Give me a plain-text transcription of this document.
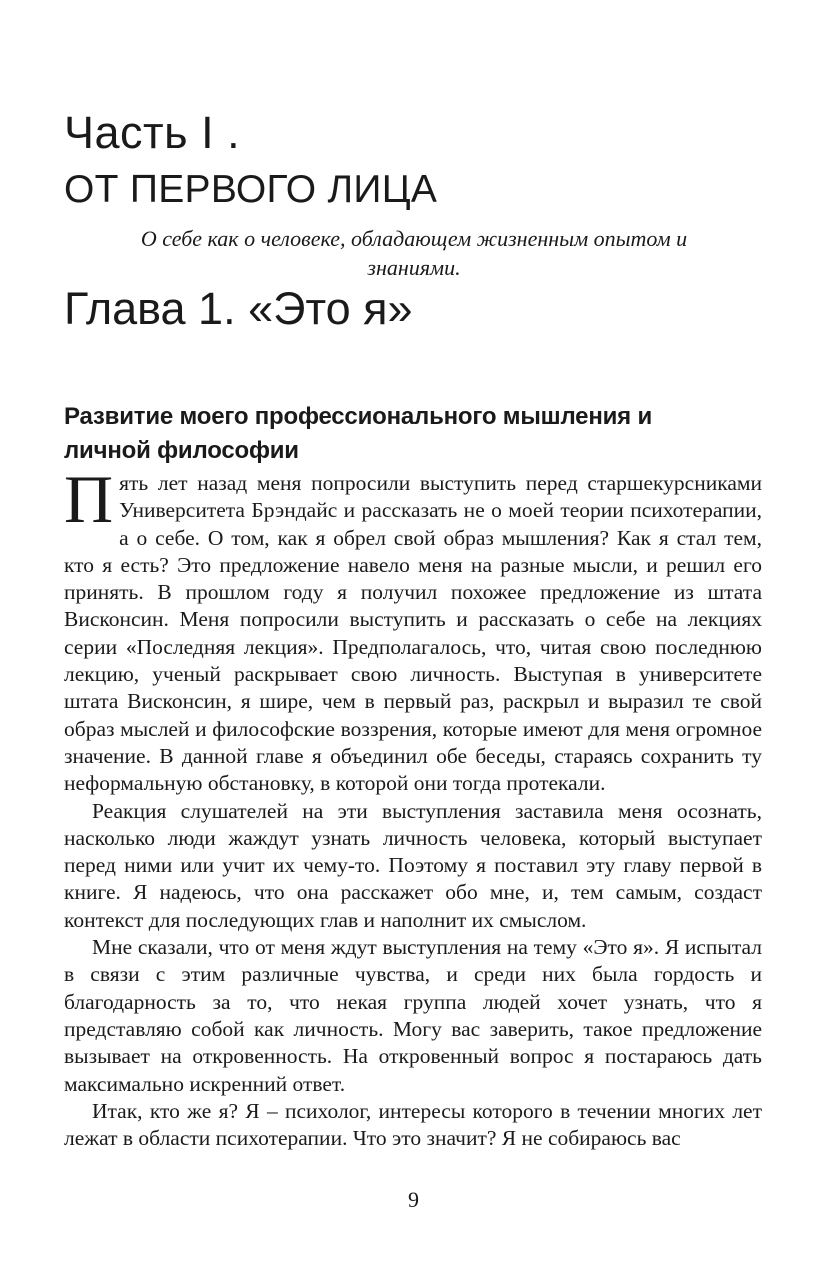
Часть I .
ОТ ПЕРВОГО ЛИЦА
О себе как о человеке, обладающем жизненным опытом и
знаниями.
Глава 1. «Это я»
Развитие моего профессионального мышления и
личной философии

Пять лет назад меня попросили выступить перед старшекурсниками Университета Брэндайс и рассказать не о моей теории психотерапии, а о себе. О том, как я обрел свой образ мышления? Как я стал тем, кто я есть? Это предложение навело меня на разные мысли, и решил его принять. В прошлом году я получил похожее предложение из штата Висконсин. Меня попросили выступить и рассказать о себе на лекциях серии «Последняя лекция». Предполагалось, что, читая свою последнюю лекцию, ученый раскрывает свою личность. Выступая в университете штата Висконсин, я шире, чем в первый раз, раскрыл и выразил те свой образ мыслей и философские воззрения, которые имеют для меня огромное значение. В данной главе я объединил обе беседы, стараясь сохранить ту неформальную обстановку, в которой они тогда протекали.

Реакция слушателей на эти выступления заставила меня осознать, насколько люди жаждут узнать личность человека, который выступает перед ними или учит их чему-то. Поэтому я поставил эту главу первой в книге. Я надеюсь, что она расскажет обо мне, и, тем самым, создаст контекст для последующих глав и наполнит их смыслом.

Мне сказали, что от меня ждут выступления на тему «Это я». Я испытал в связи с этим различные чувства, и среди них была гордость и благодарность за то, что некая группа людей хочет узнать, что я представляю собой как личность. Могу вас заверить, такое предложение вызывает на откровенность. На откровенный вопрос я постараюсь дать максимально искренний ответ.

Итак, кто же я? Я – психолог, интересы которого в течении многих лет лежат в области психотерапии. Что это значит? Я не собираюсь вас

9
